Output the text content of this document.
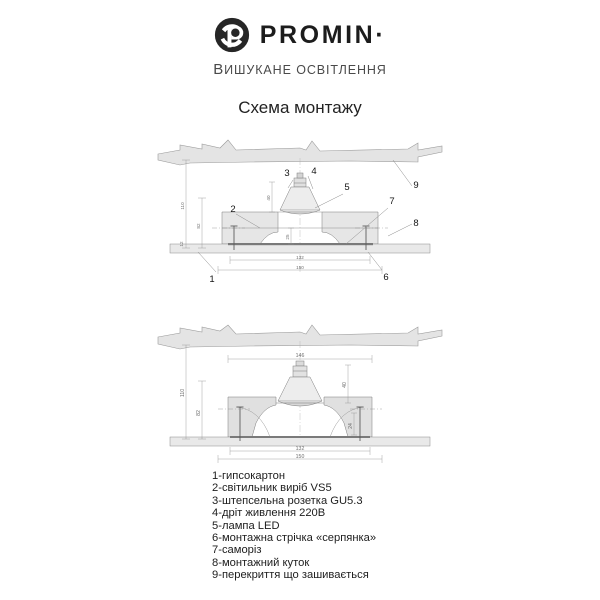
PROMIN·
ВИШУКАНЕ ОСВІТЛЕННЯ
Схема монтажу
110
82
40
25
12
132
150
1
2
3 4
5
6
7
8
9
146
110
82
40
24
132
150
1-гипсокартон
2-світильник виріб VS5
3-штепсельна розетка GU5.3
4-дріт живлення 220В
5-лампа LED
6-монтажна стрічка «серпянка»
7-саморіз
8-монтажний куток
9-перекриття що зашивається
